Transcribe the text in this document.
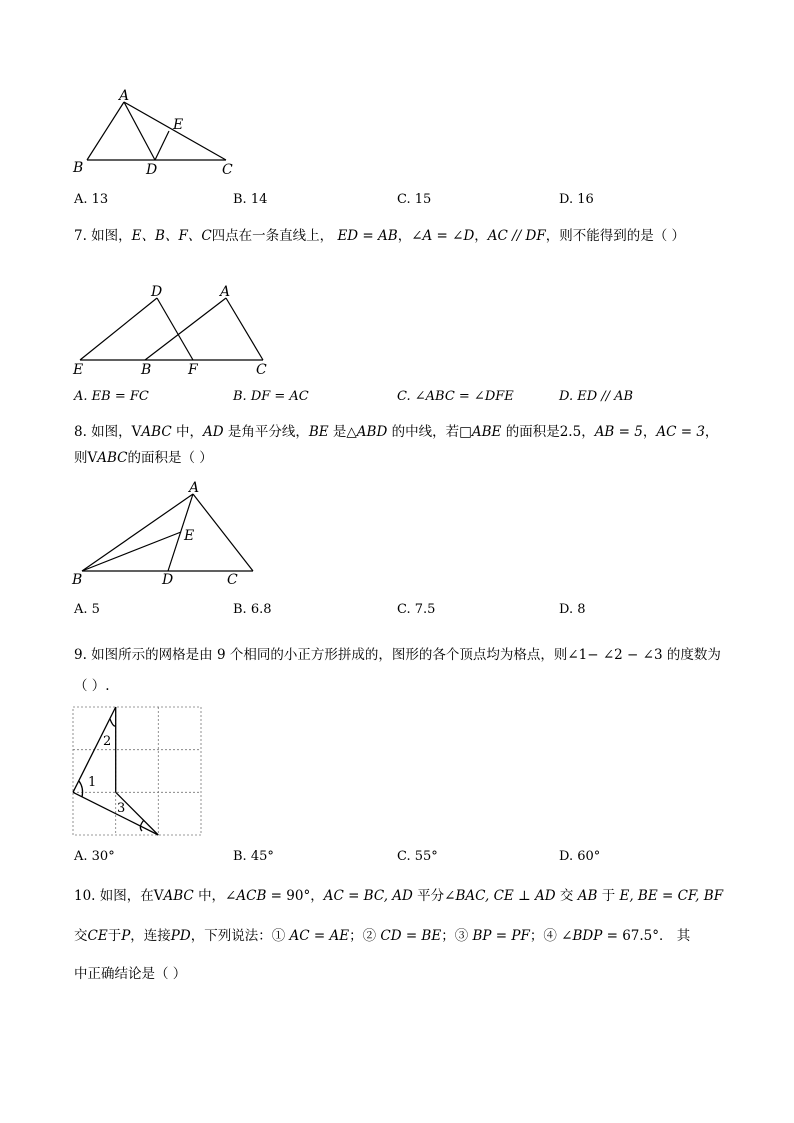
A
E
B	D	C
A. 13	B. 14	C. 15	D. 16
7. 如图，E、B、F、C四点在一条直线上， ED = AB，∠A = ∠D，AC // DF，则不能得到的是（ ）
D	A
E	B	F	C
A. EB = FC	B. DF = AC	C. ∠ABC = ∠DFE	D. ED // AB
8. 如图，VABC 中，AD 是角平分线，BE 是△ABD 的中线，若□ABE 的面积是2.5，AB = 5，AC = 3，
则VABC的面积是（ ）
A
E
B	D	C
A. 5	B. 6.8	C. 7.5	D. 8
9. 如图所示的网格是由 9 个相同的小正方形拼成的，图形的各个顶点均为格点，则∠1− ∠2 − ∠3 的度数为
（ ）.
1
2
3
A. 30°	B. 45°	C. 55°	D. 60°
10. 如图，在VABC 中，∠ACB = 90°，AC = BC, AD 平分∠BAC, CE ⊥ AD 交 AB 于 E, BE = CF, BF
交CE于P，连接PD，下列说法：① AC = AE；② CD = BE；③ BP = PF；④ ∠BDP = 67.5°． 其
中正确结论是（ ）
